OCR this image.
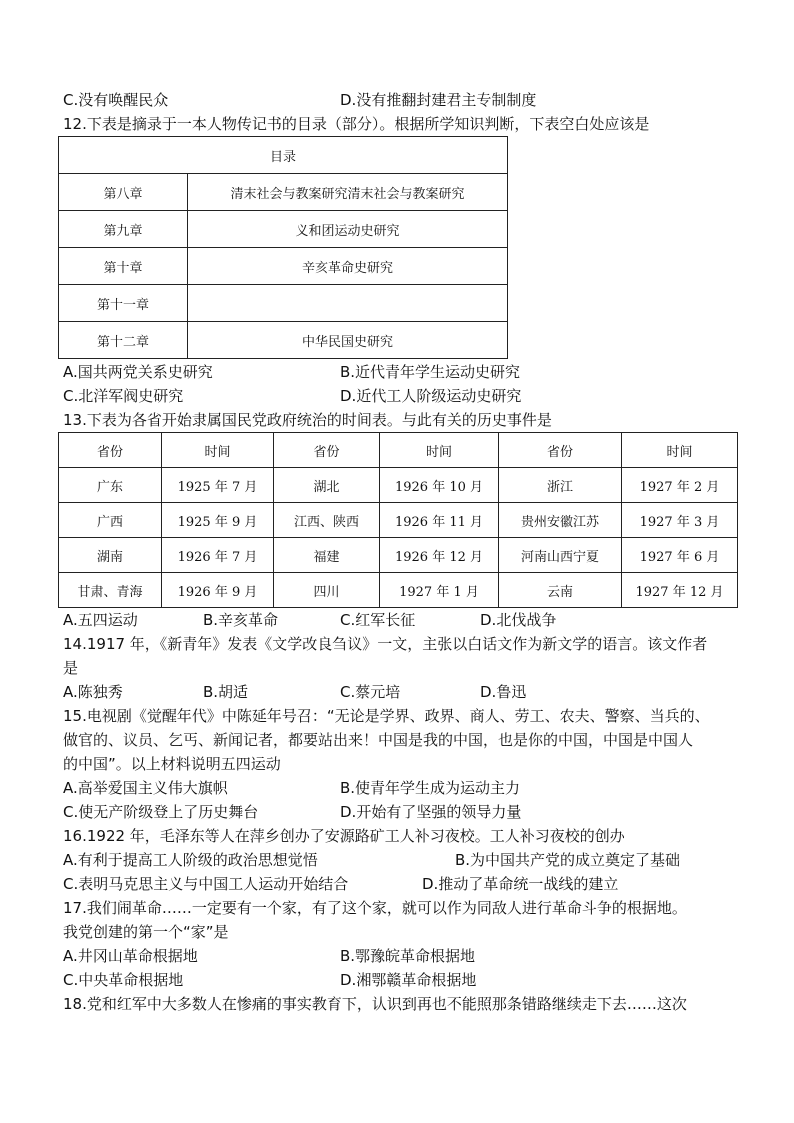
C.没有唤醒民众	D.没有推翻封建君主专制制度
12.下表是摘录于一本人物传记书的目录（部分）。根据所学知识判断，下表空白处应该是
目录	
第八章	清末社会与教案研究清末社会与教案研究
第九章	义和团运动史研究
第十章	辛亥革命史研究
第十一章	
第十二章	中华民国史研究
A.国共两党关系史研究	B.近代青年学生运动史研究
C.北洋军阀史研究	D.近代工人阶级运动史研究
13.下表为各省开始隶属国民党政府统治的时间表。与此有关的历史事件是
省份	时间	省份	时间	省份	时间
广东	1925 年 7 月	湖北	1926 年 10 月	浙江	1927 年 2 月
广西	1925 年 9 月	江西、陕西	1926 年 11 月	贵州安徽江苏	1927 年 3 月
湖南	1926 年 7 月	福建	1926 年 12 月	河南山西宁夏	1927 年 6 月
甘肃、青海	1926 年 9 月	四川	1927 年 1 月	云南	1927 年 12 月
A.五四运动	B.辛亥革命	C.红军长征	D.北伐战争
14.1917 年，《新青年》发表《文学改良刍议》一文，主张以白话文作为新文学的语言。该文作者
是
A.陈独秀	B.胡适	C.蔡元培	D.鲁迅
15.电视剧《觉醒年代》中陈延年号召：“无论是学界、政界、商人、劳工、农夫、警察、当兵的、
做官的、议员、乞丐、新闻记者，都要站出来！中国是我的中国，也是你的中国，中国是中国人
的中国”。以上材料说明五四运动
A.高举爱国主义伟大旗帜	B.使青年学生成为运动主力
C.使无产阶级登上了历史舞台	D.开始有了坚强的领导力量
16.1922 年，毛泽东等人在萍乡创办了安源路矿工人补习夜校。工人补习夜校的创办
A.有利于提高工人阶级的政治思想觉悟	B.为中国共产党的成立奠定了基础
C.表明马克思主义与中国工人运动开始结合	D.推动了革命统一战线的建立
17.我们闹革命……一定要有一个家，有了这个家，就可以作为同敌人进行革命斗争的根据地。
我党创建的第一个“家”是
A.井冈山革命根据地	B.鄂豫皖革命根据地
C.中央革命根据地	D.湘鄂赣革命根据地
18.党和红军中大多数人在惨痛的事实教育下，认识到再也不能照那条错路继续走下去……这次
